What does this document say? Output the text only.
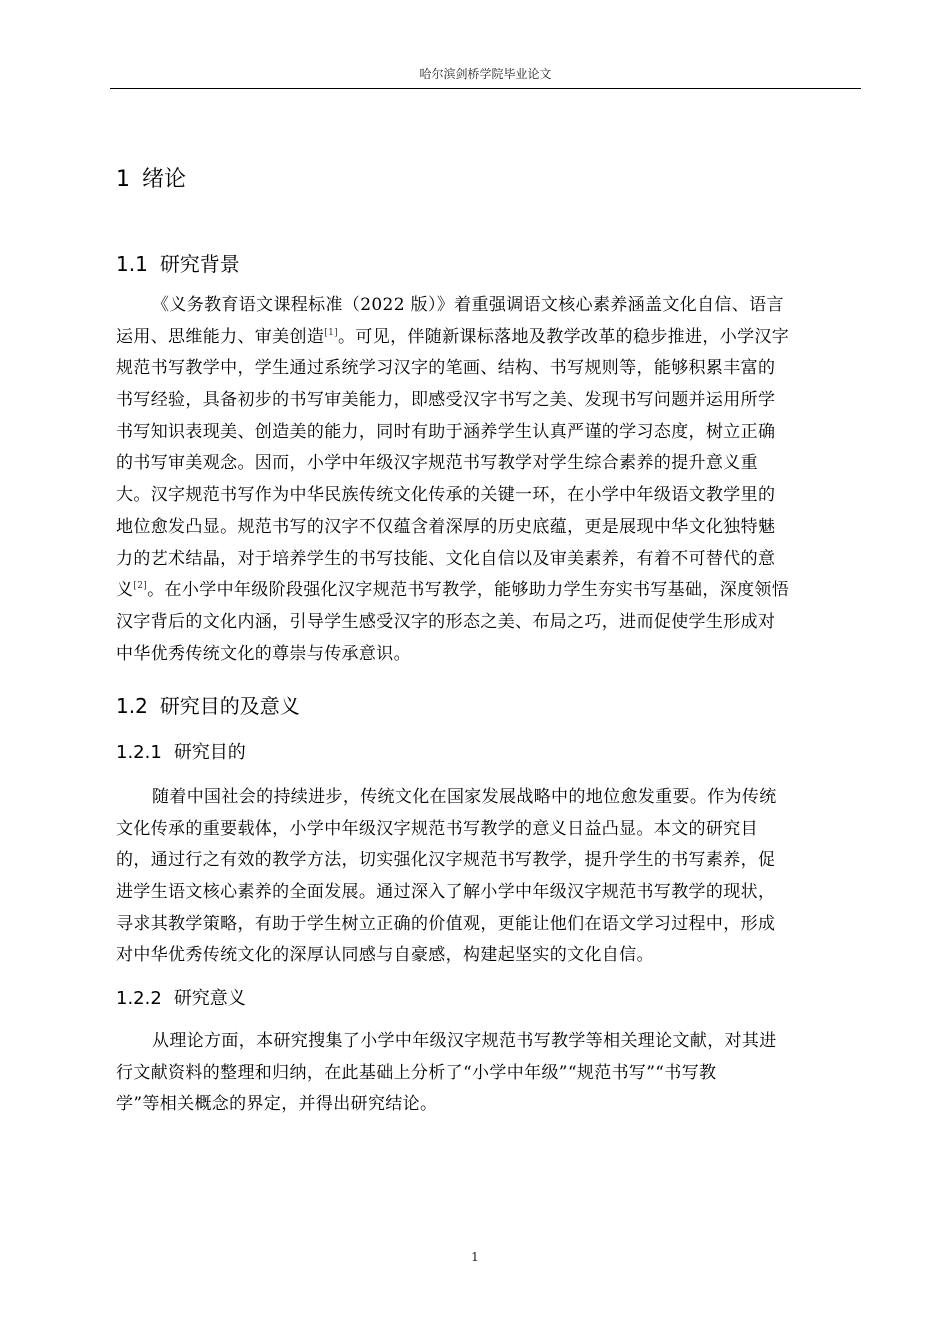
哈尔滨剑桥学院毕业论文
1 绪论
1.1 研究背景
《义务教育语文课程标准（2022 版）》着重强调语文核心素养涵盖文化自信、语言
运用、思维能力、审美创造[1]。可见，伴随新课标落地及教学改革的稳步推进，小学汉字
规范书写教学中，学生通过系统学习汉字的笔画、结构、书写规则等，能够积累丰富的
书写经验，具备初步的书写审美能力，即感受汉字书写之美、发现书写问题并运用所学
书写知识表现美、创造美的能力，同时有助于涵养学生认真严谨的学习态度，树立正确
的书写审美观念。因而，小学中年级汉字规范书写教学对学生综合素养的提升意义重
大。汉字规范书写作为中华民族传统文化传承的关键一环，在小学中年级语文教学里的
地位愈发凸显。规范书写的汉字不仅蕴含着深厚的历史底蕴，更是展现中华文化独特魅
力的艺术结晶，对于培养学生的书写技能、文化自信以及审美素养，有着不可替代的意
义[2]。在小学中年级阶段强化汉字规范书写教学，能够助力学生夯实书写基础，深度领悟
汉字背后的文化内涵，引导学生感受汉字的形态之美、布局之巧，进而促使学生形成对
中华优秀传统文化的尊崇与传承意识。
1.2 研究目的及意义
1.2.1 研究目的
随着中国社会的持续进步，传统文化在国家发展战略中的地位愈发重要。作为传统
文化传承的重要载体，小学中年级汉字规范书写教学的意义日益凸显。本文的研究目
的，通过行之有效的教学方法，切实强化汉字规范书写教学，提升学生的书写素养，促
进学生语文核心素养的全面发展。通过深入了解小学中年级汉字规范书写教学的现状，
寻求其教学策略，有助于学生树立正确的价值观，更能让他们在语文学习过程中，形成
对中华优秀传统文化的深厚认同感与自豪感，构建起坚实的文化自信。
1.2.2 研究意义
从理论方面，本研究搜集了小学中年级汉字规范书写教学等相关理论文献，对其进
行文献资料的整理和归纳，在此基础上分析了“小学中年级”“规范书写”“书写教
学”等相关概念的界定，并得出研究结论。
1
